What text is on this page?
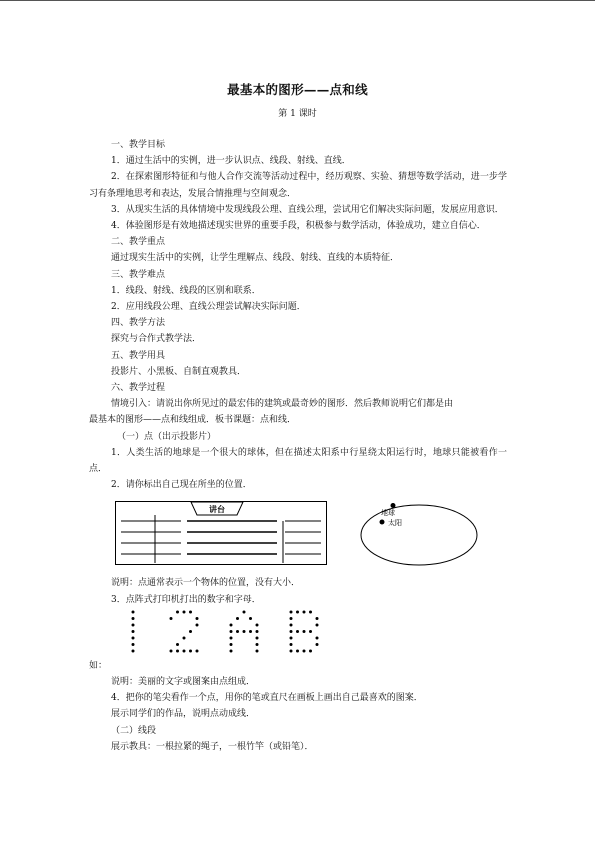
最基本的图形——点和线
第 1 课时

一、教学目标

1．通过生活中的实例，进一步认识点、线段、射线、直线．

2．在探索图形特征和与他人合作交流等活动过程中，经历观察、实验、猜想等数学活动，进一步学习有条理地思考和表达，发展合情推理与空间观念．

3．从现实生活的具体情境中发现线段公理、直线公理，尝试用它们解决实际问题，发展应用意识．

4．体验图形是有效地描述现实世界的重要手段，积极参与数学活动，体验成功，建立自信心．

二、教学重点

通过现实生活中的实例，让学生理解点、线段、射线、直线的本质特征．

三、教学难点

1．线段、射线、线段的区别和联系．

2．应用线段公理、直线公理尝试解决实际问题．

四、教学方法

探究与合作式教学法．

五、教学用具

投影片、小黑板、自制直观教具．

六、教学过程

情境引入：请说出你所见过的最宏伟的建筑或最奇妙的图形．然后教师说明它们都是由

最基本的图形——点和线组成．板书课题：点和线．

（一）点（出示投影片）

1．人类生活的地球是一个很大的球体，但在描述太阳系中行星绕太阳运行时，地球只能被看作一点．

2．请你标出自己现在所坐的位置．

讲台	地球
太阳

说明：点通常表示一个物体的位置，没有大小．

3．点阵式打印机打出的数字和字母．

如：

说明：美丽的文字或图案由点组成．

4．把你的笔尖看作一个点，用你的笔或直尺在画板上画出自己最喜欢的图案．

展示同学们的作品，说明点动成线．

（二）线段

展示教具：一根拉紧的绳子，一根竹竿（或铅笔）．
